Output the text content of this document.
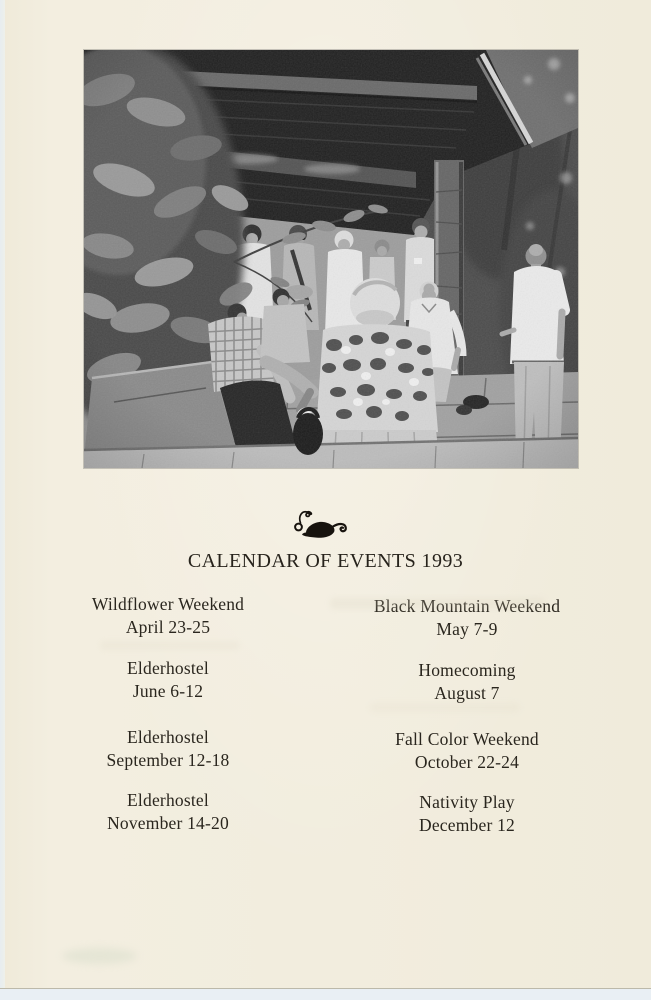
CALENDAR OF EVENTS 1993
Wildflower Weekend
April 23-25
Elderhostel
June 6-12
Elderhostel
September 12-18
Elderhostel
November 14-20
Black Mountain Weekend
May 7-9
Homecoming
August 7
Fall Color Weekend
October 22-24
Nativity Play
December 12
